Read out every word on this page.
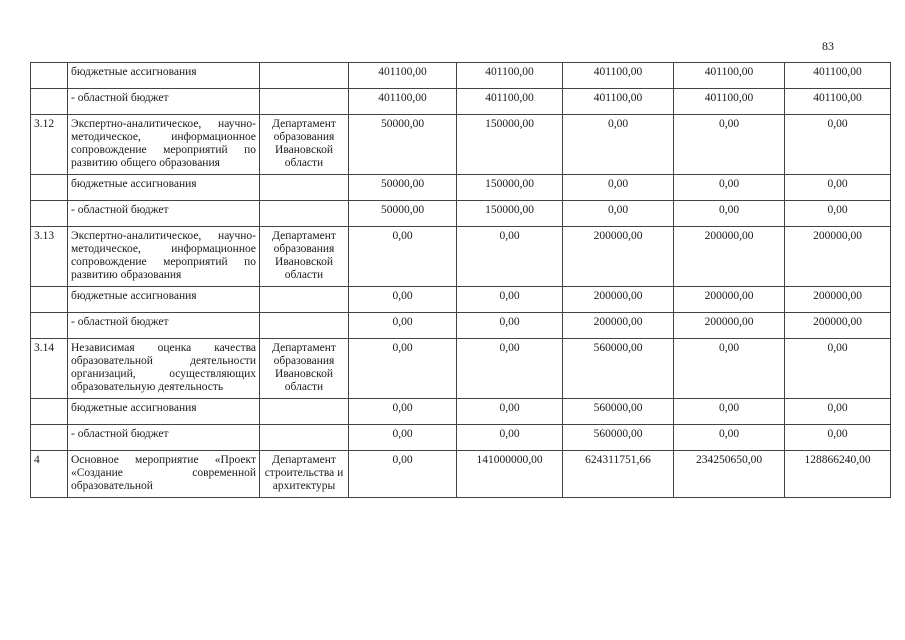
83
	бюджетные ассигнования		401100,00	401100,00	401100,00	401100,00	401100,00
	- областной бюджет		401100,00	401100,00	401100,00	401100,00	401100,00
3.12	Экспертно-аналитическое, научно-методическое, информационное сопровождение мероприятий по развитию общего образования	Департамент образования Ивановской области	50000,00	150000,00	0,00	0,00	0,00
	бюджетные ассигнования		50000,00	150000,00	0,00	0,00	0,00
	- областной бюджет		50000,00	150000,00	0,00	0,00	0,00
3.13	Экспертно-аналитическое, научно-методическое, информационное сопровождение мероприятий по развитию образования	Департамент образования Ивановской области	0,00	0,00	200000,00	200000,00	200000,00
	бюджетные ассигнования		0,00	0,00	200000,00	200000,00	200000,00
	- областной бюджет		0,00	0,00	200000,00	200000,00	200000,00
3.14	Независимая оценка качества образовательной деятельности организаций, осуществляющих образовательную деятельность	Департамент образования Ивановской области	0,00	0,00	560000,00	0,00	0,00
	бюджетные ассигнования		0,00	0,00	560000,00	0,00	0,00
	- областной бюджет		0,00	0,00	560000,00	0,00	0,00
4	Основное мероприятие «Проект «Создание современной образовательной	Департамент строительства и архитектуры	0,00	141000000,00	624311751,66	234250650,00	128866240,00
